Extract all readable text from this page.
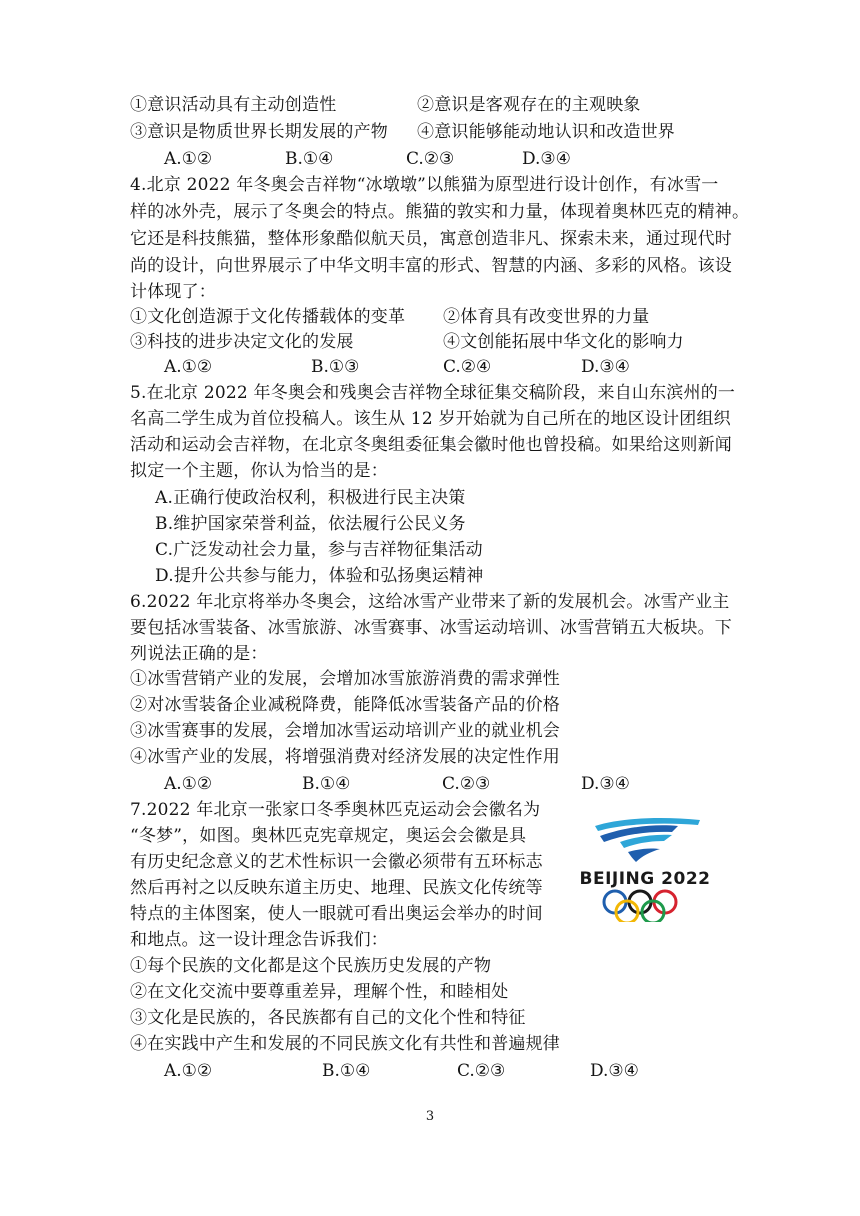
①意识活动具有主动创造性	②意识是客观存在的主观映象
③意识是物质世界长期发展的产物 ④意识能够能动地认识和改造世界
A.①②	B.①④	C.②③	D.③④
4.北京 2022 年冬奥会吉祥物“冰墩墩”以熊猫为原型进行设计创作，有冰雪一
样的冰外壳，展示了冬奥会的特点。熊猫的敦实和力量，体现着奥林匹克的精神。
它还是科技熊猫，整体形象酷似航天员，寓意创造非凡、探索未来，通过现代时
尚的设计，向世界展示了中华文明丰富的形式、智慧的内涵、多彩的风格。该设
计体现了：
①文化创造源于文化传播载体的变革 ②体育具有改变世界的力量
③科技的进步决定文化的发展	④文创能拓展中华文化的影响力
A.①②	B.①③	C.②④	D.③④
5.在北京 2022 年冬奥会和残奥会吉祥物全球征集交稿阶段，来自山东滨州的一
名高二学生成为首位投稿人。该生从 12 岁开始就为自己所在的地区设计团组织
活动和运动会吉祥物，在北京冬奥组委征集会徽时他也曾投稿。如果给这则新闻
拟定一个主题，你认为恰当的是：
A.正确行使政治权利，积极进行民主决策
B.维护国家荣誉利益，依法履行公民义务
C.广泛发动社会力量，参与吉祥物征集活动
D.提升公共参与能力，体验和弘扬奥运精神
6.2022 年北京将举办冬奥会，这给冰雪产业带来了新的发展机会。冰雪产业主
要包括冰雪装备、冰雪旅游、冰雪赛事、冰雪运动培训、冰雪营销五大板块。下
列说法正确的是：
①冰雪营销产业的发展，会增加冰雪旅游消费的需求弹性
②对冰雪装备企业减税降费，能降低冰雪装备产品的价格
③冰雪赛事的发展，会增加冰雪运动培训产业的就业机会
④冰雪产业的发展，将增强消费对经济发展的决定性作用
A.①②	B.①④	C.②③	D.③④
7.2022 年北京一张家口冬季奥林匹克运动会会徽名为
“冬梦”，如图。奥林匹克宪章规定，奥运会会徽是具
有历史纪念意义的艺术性标识一会徽必须带有五环标志
然后再衬之以反映东道主历史、地理、民族文化传统等
特点的主体图案，使人一眼就可看出奥运会举办的时间
和地点。这一设计理念告诉我们：
①每个民族的文化都是这个民族历史发展的产物
②在文化交流中要尊重差异，理解个性，和睦相处
③文化是民族的，各民族都有自己的文化个性和特征
④在实践中产生和发展的不同民族文化有共性和普遍规律
A.①②	B.①④	C.②③	D.③④
BEIJING 2022
3
